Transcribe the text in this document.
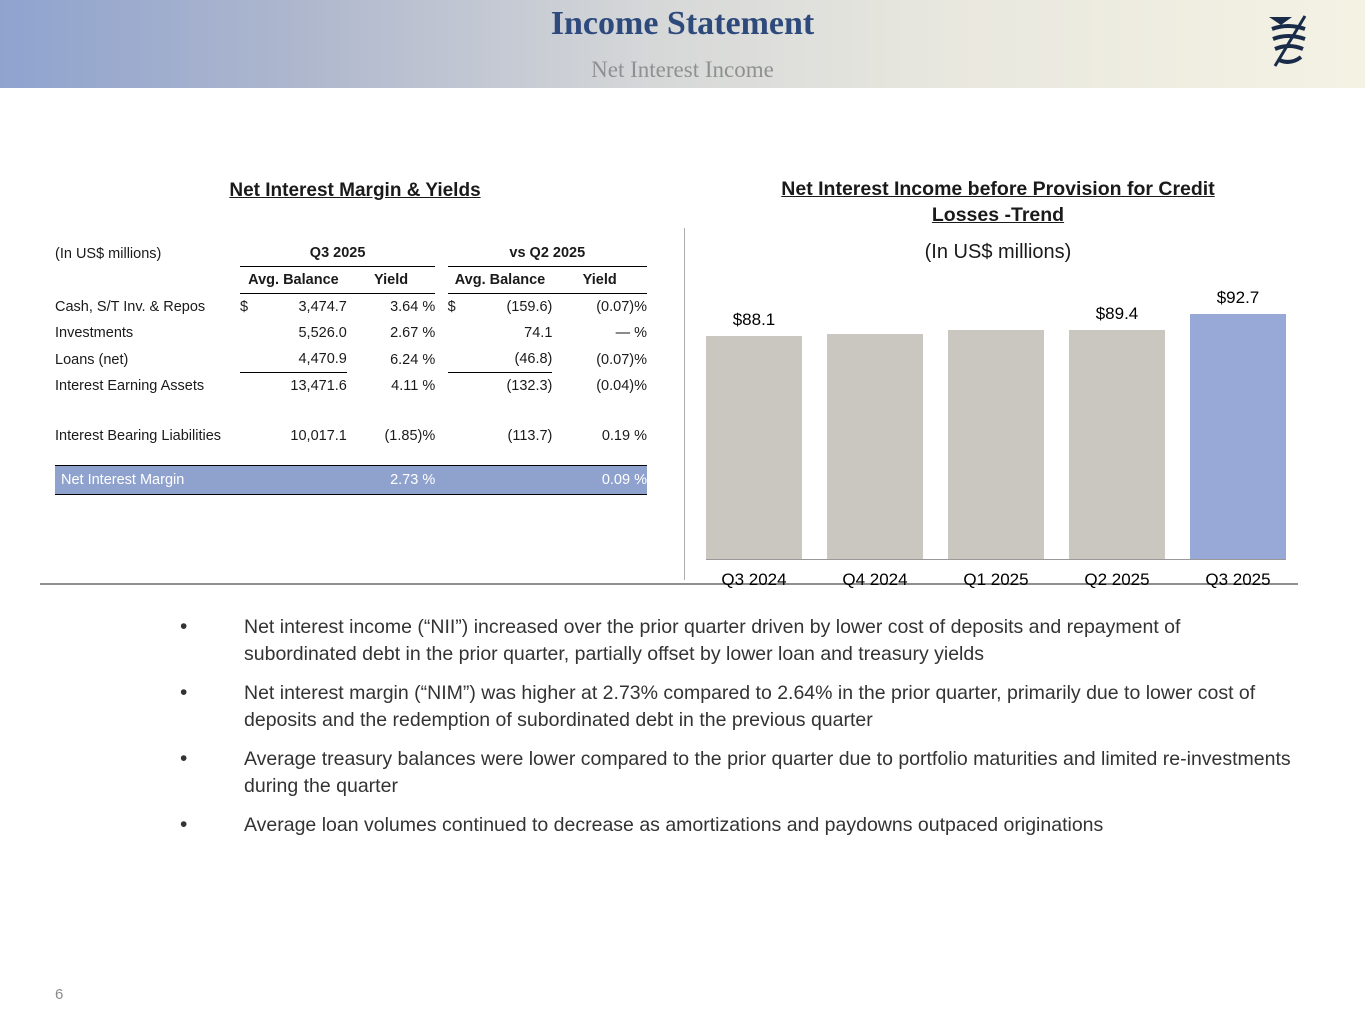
Income Statement
Net Interest Income
Net Interest Margin & Yields
(In US$ millions)	Q3 2025				vs Q2 2025		
	Avg. Balance		Yield		Avg. Balance		Yield
Cash, S/T Inv. & Repos	$	3,474.7	3.64 %		$	(159.6)	(0.07)%
Investments		5,526.0	2.67 %			74.1	— %
Loans (net)		4,470.9	6.24 %			(46.8)	(0.07)%
Interest Earning Assets		13,471.6	4.11 %			(132.3)	(0.04)%

Interest Bearing Liabilities		10,017.1	(1.85)%			(113.7)	0.19 %

Net Interest Margin			2.73 %				0.09 %
Net Interest Income before Provision for Credit Losses -Trend
(In US$ millions)
$88.1	$89.4
$92.7
Q3 2024	Q4 2024	Q1 2025	Q2 2025	Q3 2025
• Net interest income (“NII”) increased over the prior quarter driven by lower cost of deposits and repayment of subordinated debt in the prior quarter, partially offset by lower loan and treasury yields
• Net interest margin (“NIM”) was higher at 2.73% compared to 2.64% in the prior quarter, primarily due to lower cost of deposits and the redemption of subordinated debt in the previous quarter
• Average treasury balances were lower compared to the prior quarter due to portfolio maturities and limited re-investments during the quarter
• Average loan volumes continued to decrease as amortizations and paydowns outpaced originations
6
